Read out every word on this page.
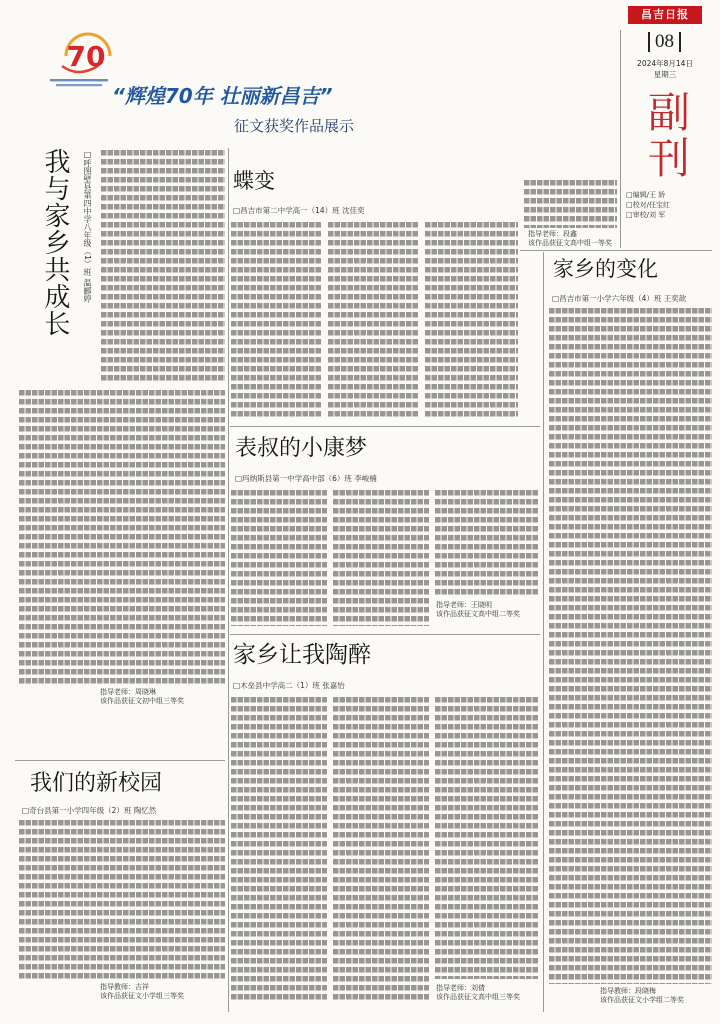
昌吉日报
08
2024年8月14日
星期三
副刊
□编辑/王 娇
□校对/任宝红
□审校/刘 军
70
“辉煌70年 壮丽新昌吉”
征文获奖作品展示
我与家乡共成长 □呼图壁县第四中学八年级（1）班 温郦婷
指导老师：周晓琳
该作品获征文初中组三等奖
蝶变
□昌吉市第二中学高一（14）班 沈佳奕
指导老师：段鑫
该作品获征文高中组一等奖
表叔的小康梦
□玛纳斯县第一中学高中部（6）班 李峻楠
指导老师：王晓明
该作品获征文高中组二等奖
家乡让我陶醉
□木垒县中学高二（1）班 张嘉怡
指导老师：刘倩
该作品获征文高中组三等奖
我们的新校园
□奇台县第一小学四年级（2）班 陶忆然
指导教师：吉祥
该作品获征文小学组三等奖
家乡的变化
□昌吉市第一小学六年级（4）班 王奕歆
指导教师：段晓梅
该作品获征文小学组二等奖
